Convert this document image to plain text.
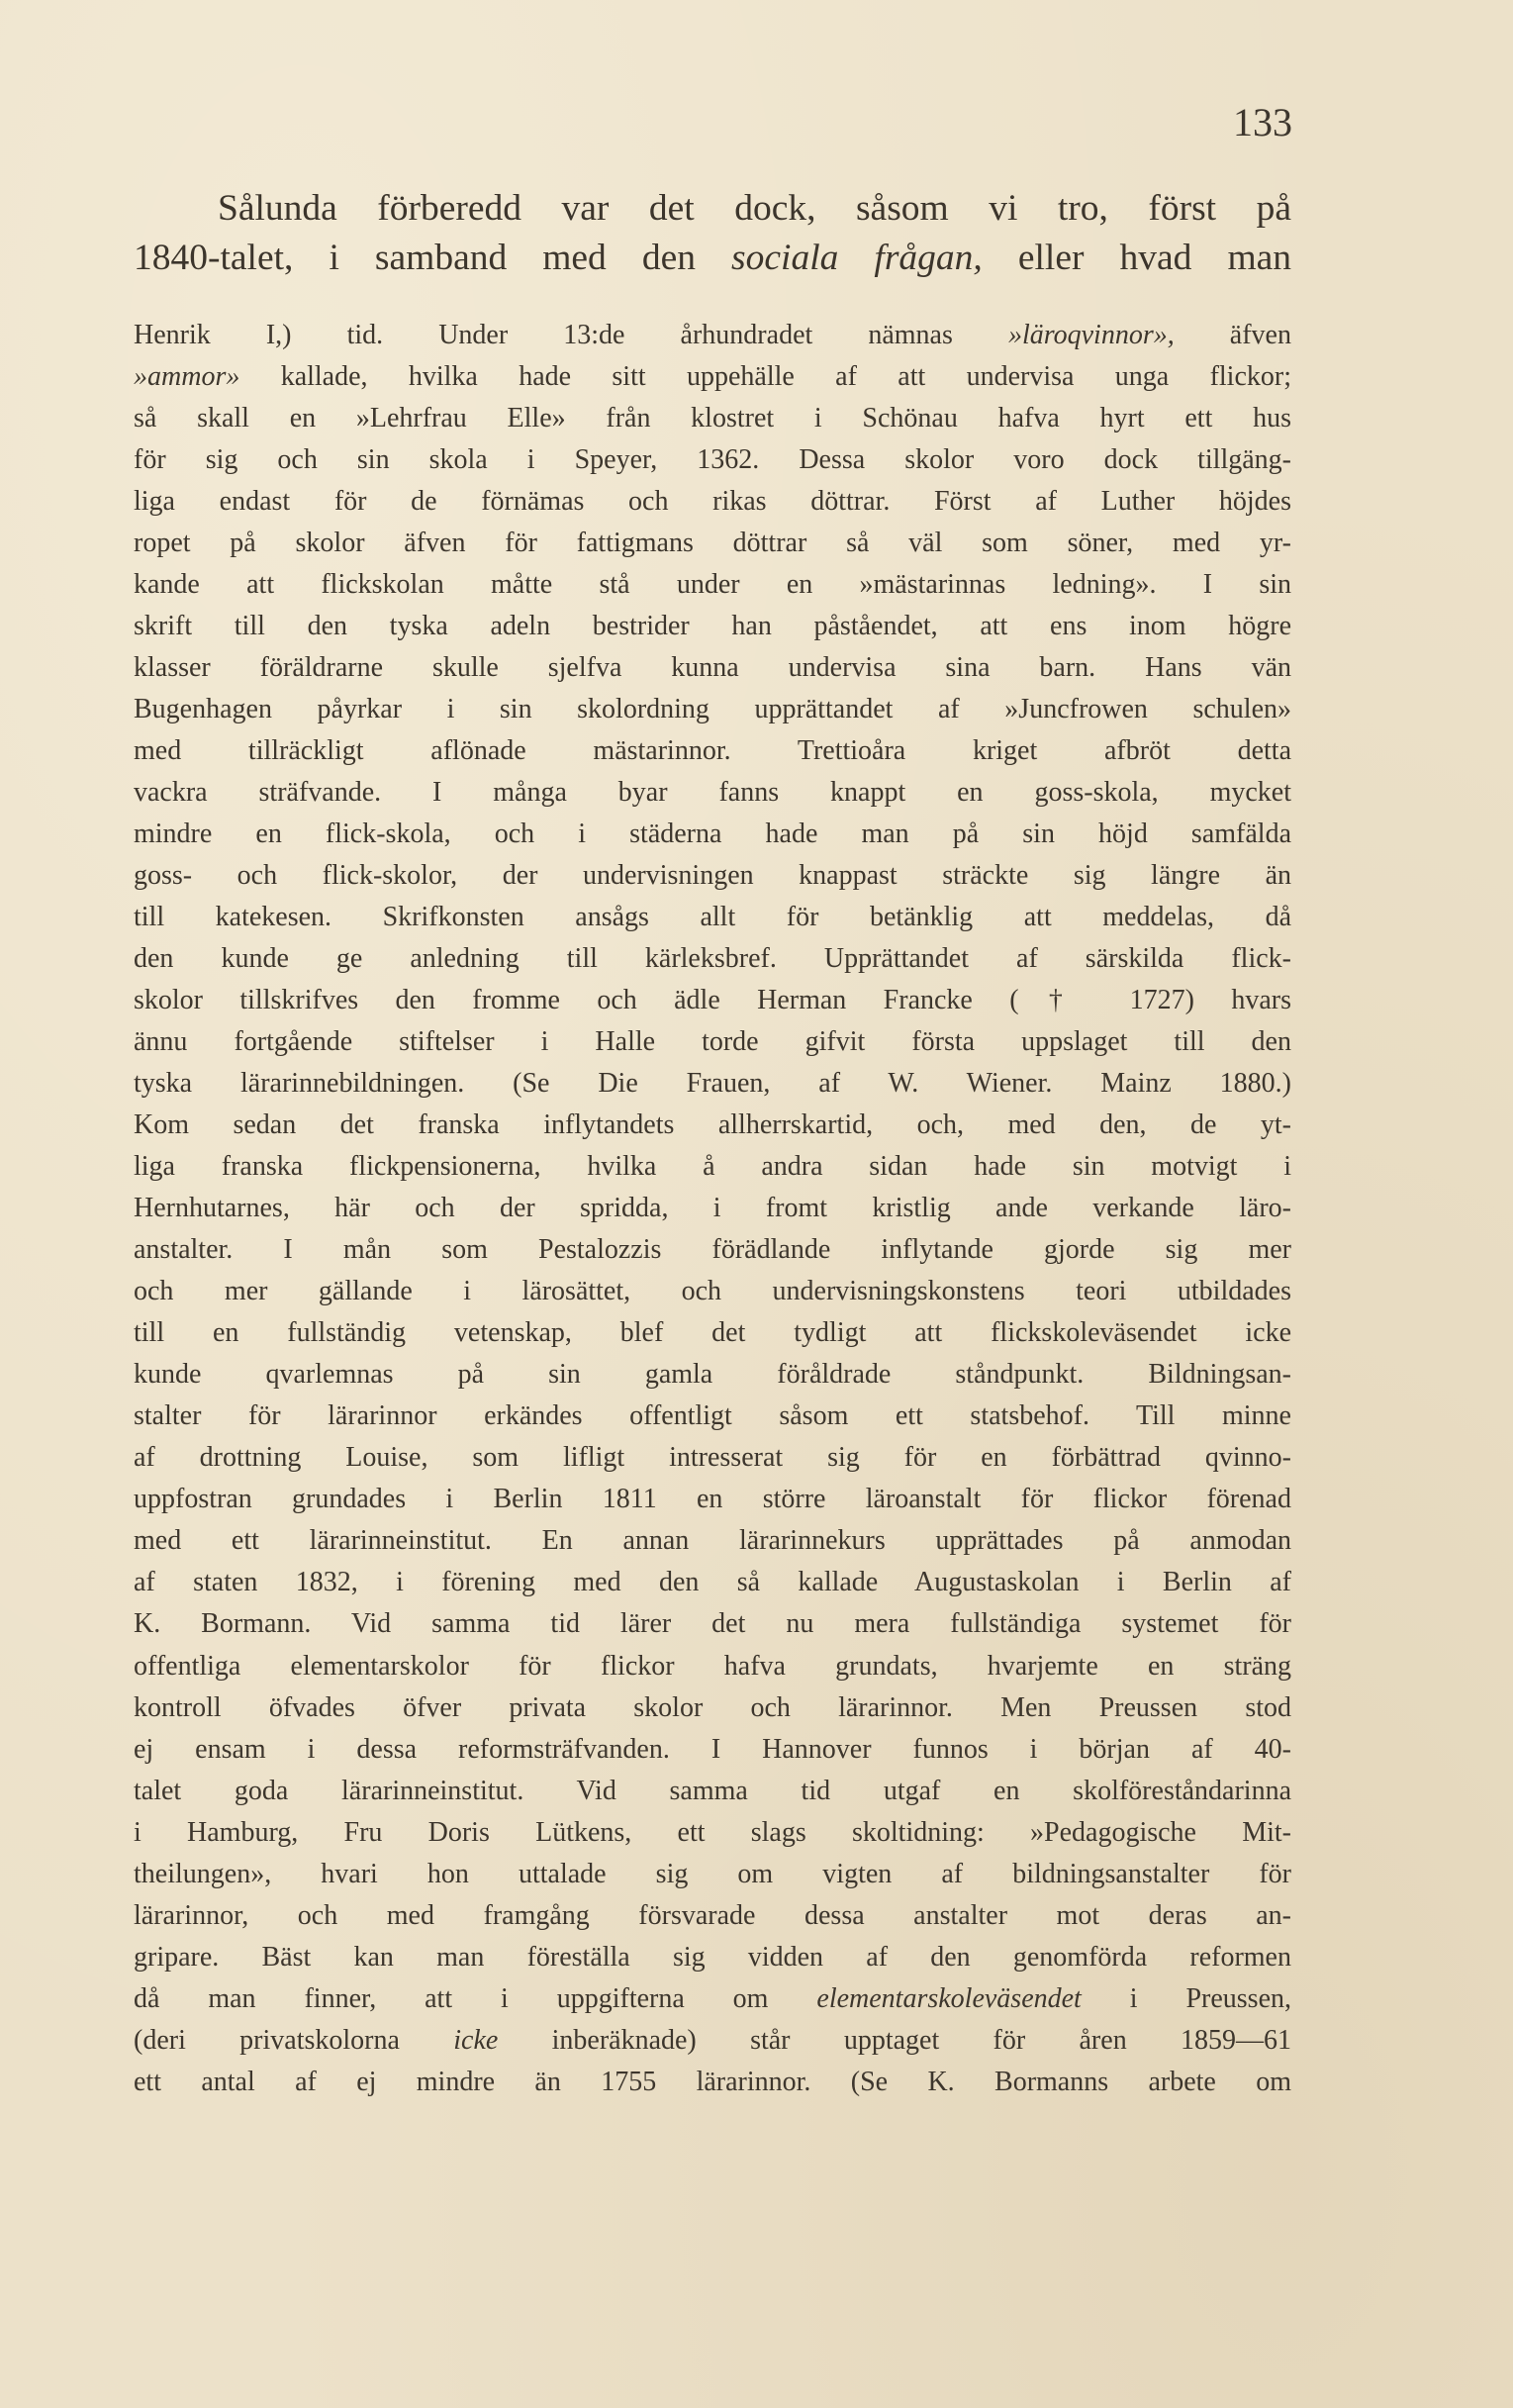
133
Sålunda förberedd var det dock, såsom vi tro, först på
1840-talet, i samband med den sociala frågan, eller hvad man
Henrik I,) tid. Under 13:de århundradet nämnas »läroqvinnor», äfven
»ammor» kallade, hvilka hade sitt uppehälle af att undervisa unga flickor;
så skall en »Lehrfrau Elle» från klostret i Schönau hafva hyrt ett hus
för sig och sin skola i Speyer, 1362. Dessa skolor voro dock tillgäng-
liga endast för de förnämas och rikas döttrar. Först af Luther höjdes
ropet på skolor äfven för fattigmans döttrar så väl som söner, med yr-
kande att flickskolan måtte stå under en »mästarinnas ledning». I sin
skrift till den tyska adeln bestrider han påståendet, att ens inom högre
klasser föräldrarne skulle sjelfva kunna undervisa sina barn. Hans vän
Bugenhagen påyrkar i sin skolordning upprättandet af »Juncfrowen schulen»
med tillräckligt aflönade mästarinnor. Trettioåra kriget afbröt detta
vackra sträfvande. I många byar fanns knappt en goss-skola, mycket
mindre en flick-skola, och i städerna hade man på sin höjd samfälda
goss- och flick-skolor, der undervisningen knappast sträckte sig längre än
till katekesen. Skrifkonsten ansågs allt för betänklig att meddelas, då
den kunde ge anledning till kärleksbref. Upprättandet af särskilda flick-
skolor tillskrifves den fromme och ädle Herman Francke († 1727) hvars
ännu fortgående stiftelser i Halle torde gifvit första uppslaget till den
tyska lärarinnebildningen. (Se Die Frauen, af W. Wiener. Mainz 1880.)
Kom sedan det franska inflytandets allherrskartid, och, med den, de yt-
liga franska flickpensionerna, hvilka å andra sidan hade sin motvigt i
Hernhutarnes, här och der spridda, i fromt kristlig ande verkande läro-
anstalter. I mån som Pestalozzis förädlande inflytande gjorde sig mer
och mer gällande i lärosättet, och undervisningskonstens teori utbildades
till en fullständig vetenskap, blef det tydligt att flickskoleväsendet icke
kunde qvarlemnas på sin gamla föråldrade ståndpunkt. Bildningsan-
stalter för lärarinnor erkändes offentligt såsom ett statsbehof. Till minne
af drottning Louise, som lifligt intresserat sig för en förbättrad qvinno-
uppfostran grundades i Berlin 1811 en större läroanstalt för flickor förenad
med ett lärarinneinstitut. En annan lärarinnekurs upprättades på anmodan
af staten 1832, i förening med den så kallade Augustaskolan i Berlin af
K. Bormann. Vid samma tid lärer det nu mera fullständiga systemet för
offentliga elementarskolor för flickor hafva grundats, hvarjemte en sträng
kontroll öfvades öfver privata skolor och lärarinnor. Men Preussen stod
ej ensam i dessa reformsträfvanden. I Hannover funnos i början af 40-
talet goda lärarinneinstitut. Vid samma tid utgaf en skolföreståndarinna
i Hamburg, Fru Doris Lütkens, ett slags skoltidning: »Pedagogische Mit-
theilungen», hvari hon uttalade sig om vigten af bildningsanstalter för
lärarinnor, och med framgång försvarade dessa anstalter mot deras an-
gripare. Bäst kan man föreställa sig vidden af den genomförda reformen
då man finner, att i uppgifterna om elementarskoleväsendet i Preussen,
(deri privatskolorna icke inberäknade) står upptaget för åren 1859—61
ett antal af ej mindre än 1755 lärarinnor. (Se K. Bormanns arbete om
